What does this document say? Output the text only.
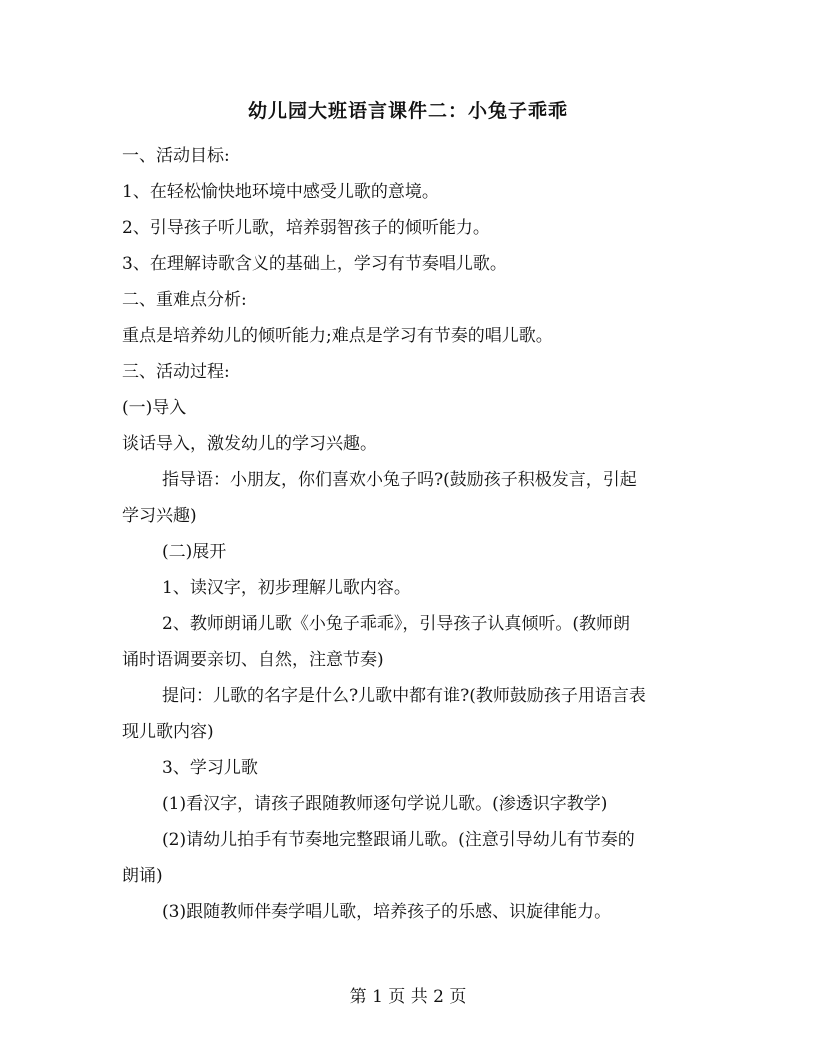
幼儿园大班语言课件二：小兔子乖乖
一、活动目标:
1、在轻松愉快地环境中感受儿歌的意境。
2、引导孩子听儿歌，培养弱智孩子的倾听能力。
3、在理解诗歌含义的基础上，学习有节奏唱儿歌。
二、重难点分析:
重点是培养幼儿的倾听能力;难点是学习有节奏的唱儿歌。
三、活动过程:
(一)导入
谈话导入，激发幼儿的学习兴趣。
指导语：小朋友，你们喜欢小兔子吗?(鼓励孩子积极发言，引起
学习兴趣)
(二)展开
1、读汉字，初步理解儿歌内容。
2、教师朗诵儿歌《小兔子乖乖》，引导孩子认真倾听。(教师朗
诵时语调要亲切、自然，注意节奏)
提问：儿歌的名字是什么?儿歌中都有谁?(教师鼓励孩子用语言表
现儿歌内容)
3、学习儿歌
(1)看汉字，请孩子跟随教师逐句学说儿歌。(渗透识字教学)
(2)请幼儿拍手有节奏地完整跟诵儿歌。(注意引导幼儿有节奏的
朗诵)
(3)跟随教师伴奏学唱儿歌，培养孩子的乐感、识旋律能力。
第 1 页 共 2 页
